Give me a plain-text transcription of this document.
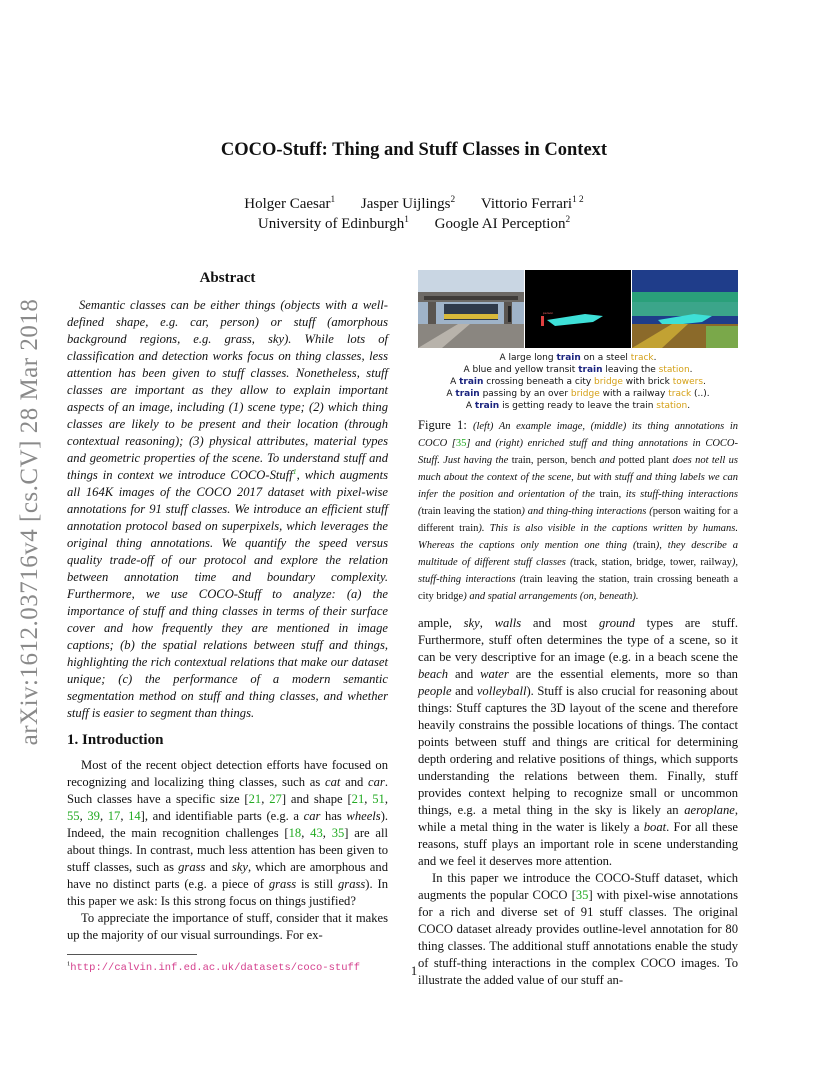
arXiv:1612.03716v4 [cs.CV] 28 Mar 2018
COCO-Stuff: Thing and Stuff Classes in Context
Holger Caesar$^1$ Jasper Uijlings$^2$ Vittorio Ferrari$^{1 2}$
University of Edinburgh$^1$ Google AI Perception$^2$
Abstract

Semantic classes can be either things (objects with a well-defined shape, e.g. car, person) or stuff (amorphous background regions, e.g. grass, sky). While lots of classification and detection works focus on thing classes, less attention has been given to stuff classes. Nonetheless, stuff classes are important as they allow to explain important aspects of an image, including (1) scene type; (2) which thing classes are likely to be present and their location (through contextual reasoning); (3) physical attributes, material types and geometric properties of the scene. To understand stuff and things in context we introduce COCO-Stuff$^1$, which augments all 164K images of the COCO 2017 dataset with pixel-wise annotations for 91 stuff classes. We introduce an efficient stuff annotation protocol based on superpixels, which leverages the original thing annotations. We quantify the speed versus quality trade-off of our protocol and explore the relation between annotation time and boundary complexity. Furthermore, we use COCO-Stuff to analyze: (a) the importance of stuff and thing classes in terms of their surface cover and how frequently they are mentioned in image captions; (b) the spatial relations between stuff and things, highlighting the rich contextual relations that make our dataset unique; (c) the performance of a modern semantic segmentation method on stuff and thing classes, and whether stuff is easier to segment than things.

1. Introduction

Most of the recent object detection efforts have focused on recognizing and localizing thing classes, such as cat and car. Such classes have a specific size [21, 27] and shape [21, 51, 55, 39, 17, 14], and identifiable parts (e.g. a car has wheels). Indeed, the main recognition challenges [18, 43, 35] are all about things. In contrast, much less attention has been given to stuff classes, such as grass and sky, which are amorphous and have no distinct parts (e.g. a piece of grass is still grass). In this paper we ask: Is this strong focus on things justified?

To appreciate the importance of stuff, consider that it makes up the majority of our visual surroundings. For ex-

$^1$http://calvin.inf.ed.ac.uk/datasets/coco-stuff
person
A large long train on a steel track.
A blue and yellow transit train leaving the station.
A train crossing beneath a city bridge with brick towers.
A train passing by an over bridge with a railway track (..).
A train is getting ready to leave the train station.
Figure 1: (left) An example image, (middle) its thing annotations in COCO [35] and (right) enriched stuff and thing annotations in COCO-Stuff. Just having the train, person, bench and potted plant does not tell us much about the context of the scene, but with stuff and thing labels we can infer the position and orientation of the train, its stuff-thing interactions (train leaving the station) and thing-thing interactions (person waiting for a different train). This is also visible in the captions written by humans. Whereas the captions only mention one thing (train), they describe a multitude of different stuff classes (track, station, bridge, tower, railway), stuff-thing interactions (train leaving the station, train crossing beneath a city bridge) and spatial arrangements (on, beneath).

ample, sky, walls and most ground types are stuff. Furthermore, stuff often determines the type of a scene, so it can be very descriptive for an image (e.g. in a beach scene the beach and water are the essential elements, more so than people and volleyball). Stuff is also crucial for reasoning about things: Stuff captures the 3D layout of the scene and therefore heavily constrains the possible locations of things. The contact points between stuff and things are critical for determining depth ordering and relative positions of things, which supports understanding the relations between them. Finally, stuff provides context helping to recognize small or uncommon things, e.g. a metal thing in the sky is likely an aeroplane, while a metal thing in the water is likely a boat. For all these reasons, stuff plays an important role in scene understanding and we feel it deserves more attention.

In this paper we introduce the COCO-Stuff dataset, which augments the popular COCO [35] with pixel-wise annotations for a rich and diverse set of 91 stuff classes. The original COCO dataset already provides outline-level annotation for 80 thing classes. The additional stuff annotations enable the study of stuff-thing interactions in the complex COCO images. To illustrate the added value of our stuff an-

1
